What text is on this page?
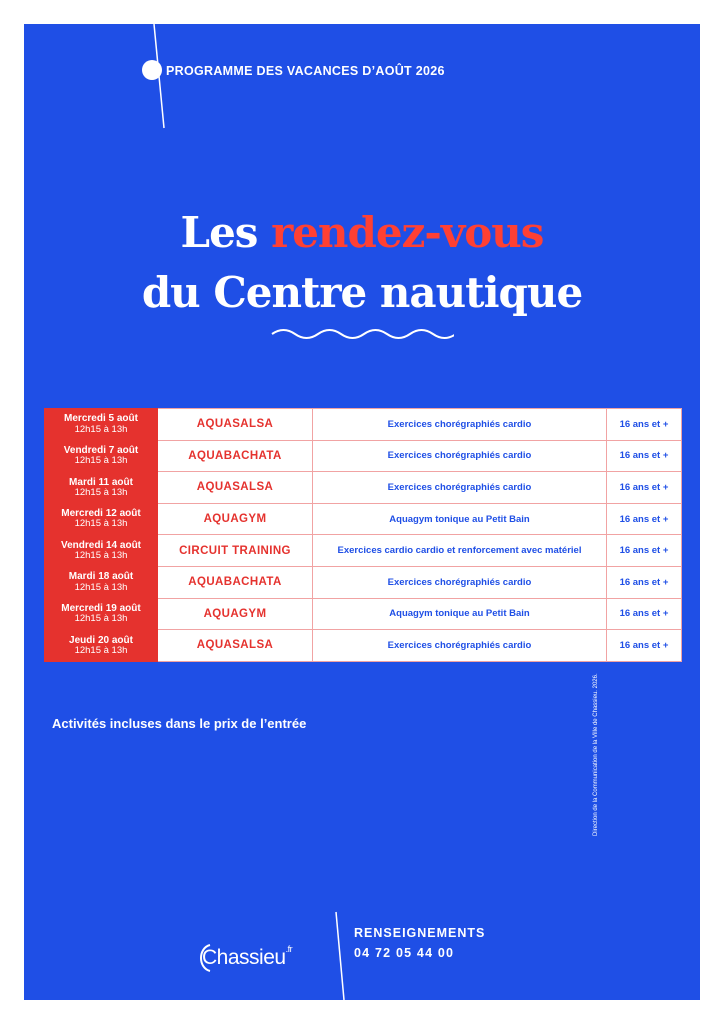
PROGRAMME DES VACANCES D’AOÛT 2026
Les rendez-vous
du Centre nautique
Mercredi 5 août
12h15 à 13h	AQUASALSA	Exercices chorégraphiés cardio	16 ans et +

Vendredi 7 août
12h15 à 13h	AQUABACHATA	Exercices chorégraphiés cardio	16 ans et +

Mardi 11 août
12h15 à 13h	AQUASALSA	Exercices chorégraphiés cardio	16 ans et +

Mercredi 12 août
12h15 à 13h	AQUAGYM	Aquagym tonique au Petit Bain	16 ans et +

Vendredi 14 août
12h15 à 13h	CIRCUIT TRAINING	Exercices cardio cardio et renforcement avec matériel	16 ans et +

Mardi 18 août
12h15 à 13h	AQUABACHATA	Exercices chorégraphiés cardio	16 ans et +

Mercredi 19 août
12h15 à 13h	AQUAGYM	Aquagym tonique au Petit Bain	16 ans et +

Jeudi 20 août
12h15 à 13h	AQUASALSA	Exercices chorégraphiés cardio	16 ans et +
Activités incluses dans le prix de l’entrée	Direction de la Communication de la Ville de Chassieu. 2026.
Chassieu$^{.fr}$
RENSEIGNEMENTS
04 72 05 44 00
